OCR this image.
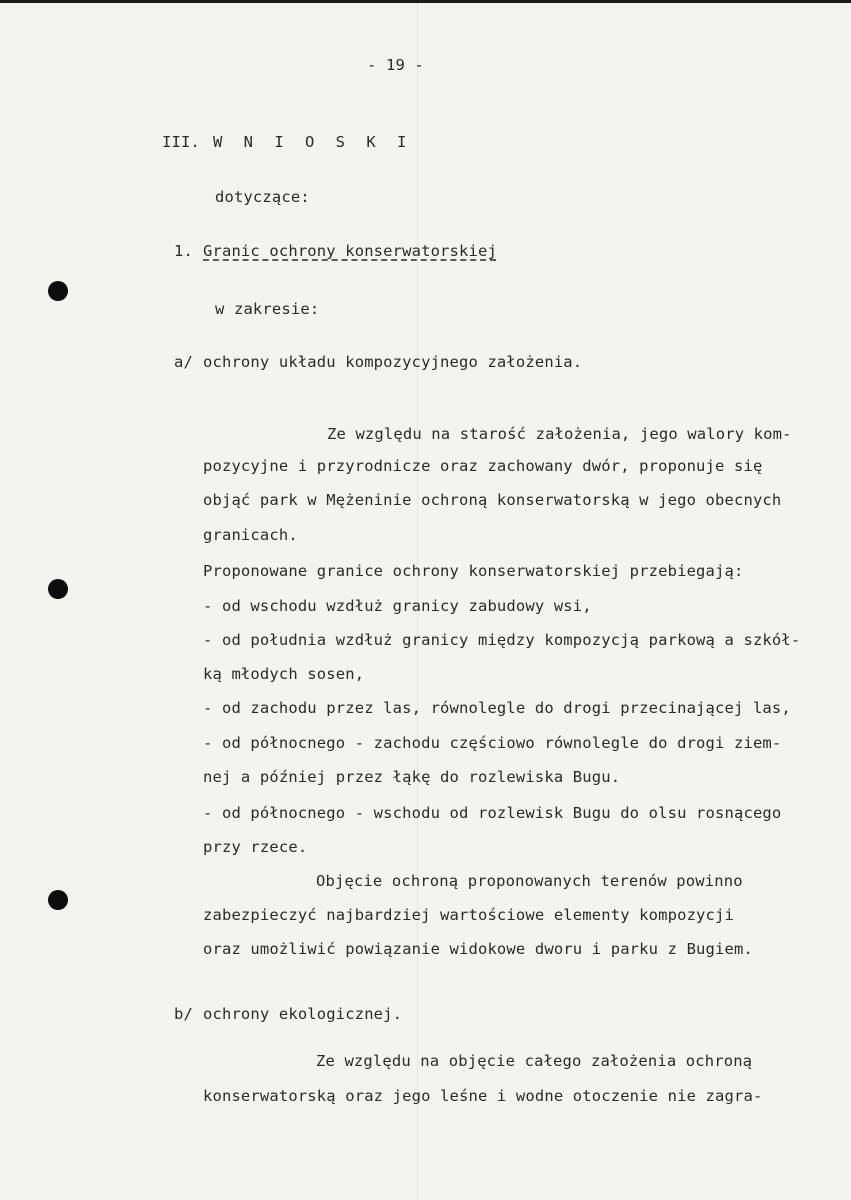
- 19 -
III. W N I O S K I
dotyczące:
1. Granic ochrony konserwatorskiej
w zakresie:
a/ ochrony układu kompozycyjnego założenia.
Ze względu na starość założenia, jego walory kom-
pozycyjne i przyrodnicze oraz zachowany dwór, proponuje się
objąć park w Mężeninie ochroną konserwatorską w jego obecnych
granicach.
Proponowane granice ochrony konserwatorskiej przebiegają:
- od wschodu wzdłuż granicy zabudowy wsi,
- od południa wzdłuż granicy między kompozycją parkową a szkół-
ką młodych sosen,
- od zachodu przez las, równolegle do drogi przecinającej las,
- od północnego - zachodu częściowo równolegle do drogi ziem-
nej a później przez łąkę do rozlewiska Bugu.
- od północnego - wschodu od rozlewisk Bugu do olsu rosnącego
przy rzece.
Objęcie ochroną proponowanych terenów powinno
zabezpieczyć najbardziej wartościowe elementy kompozycji
oraz umożliwić powiązanie widokowe dworu i parku z Bugiem.
b/ ochrony ekologicznej.
Ze względu na objęcie całego założenia ochroną
konserwatorską oraz jego leśne i wodne otoczenie nie zagra-
